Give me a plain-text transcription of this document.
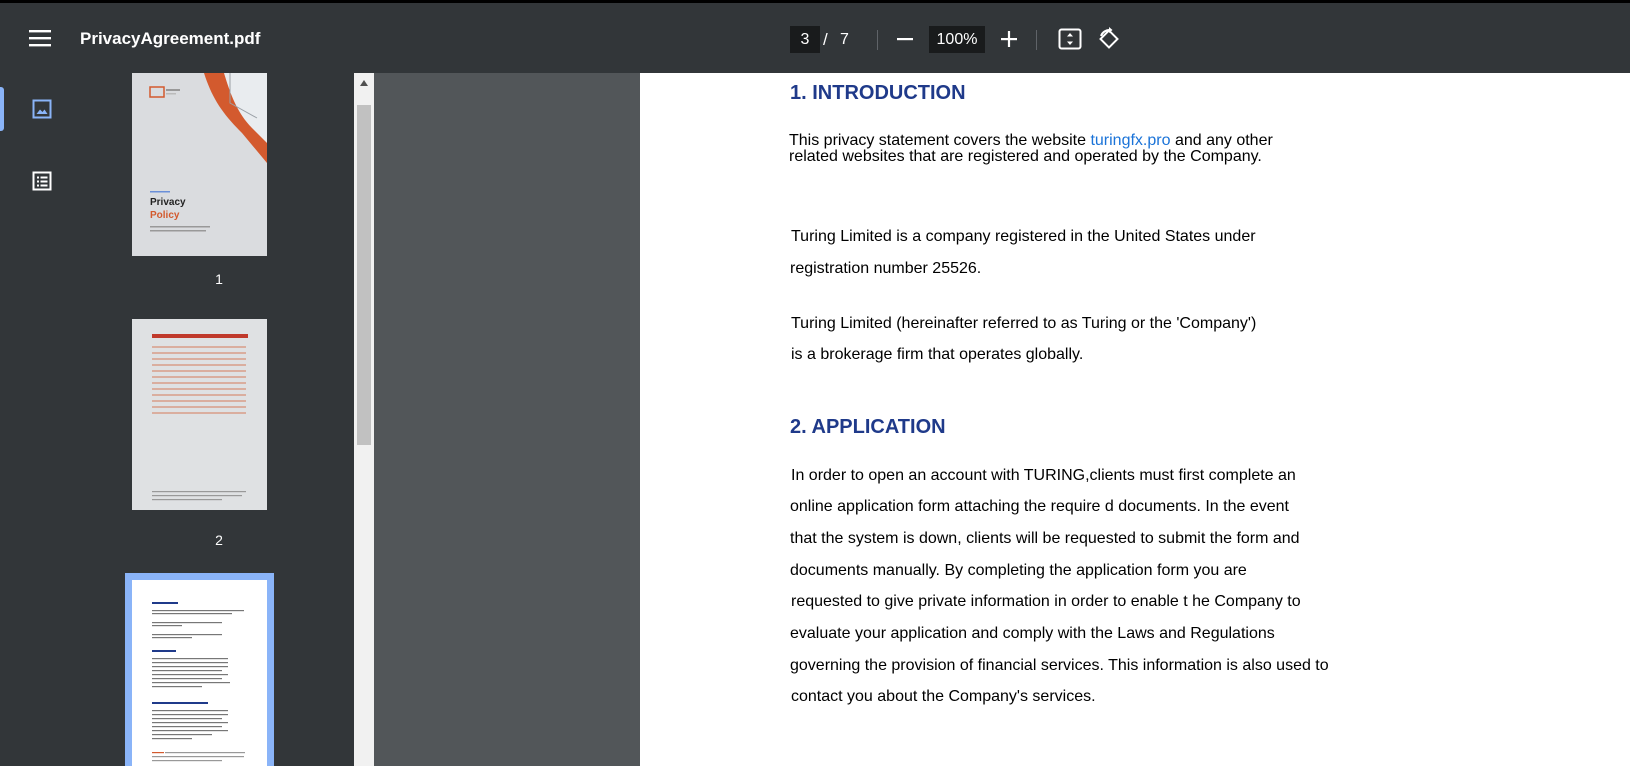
PrivacyAgreement.pdf
3	/ 7
100%
Privacy
Policy
1
2
1. INTRODUCTION
This privacy statement covers the website turingfx.pro and any other
related websites that are registered and operated by the Company.
Turing Limited is a company registered in the United States under
registration number 25526.
Turing Limited (hereinafter referred to as Turing or the 'Company')
is a brokerage firm that operates globally.
2. APPLICATION
In order to open an account with TURING,clients must first complete an
online application form attaching the require d documents. In the event
that the system is down, clients will be requested to submit the form and
documents manually. By completing the application form you are
requested to give private information in order to enable t he Company to
evaluate your application and comply with the Laws and Regulations
governing the provision of financial services. This information is also used to
contact you about the Company's services.
